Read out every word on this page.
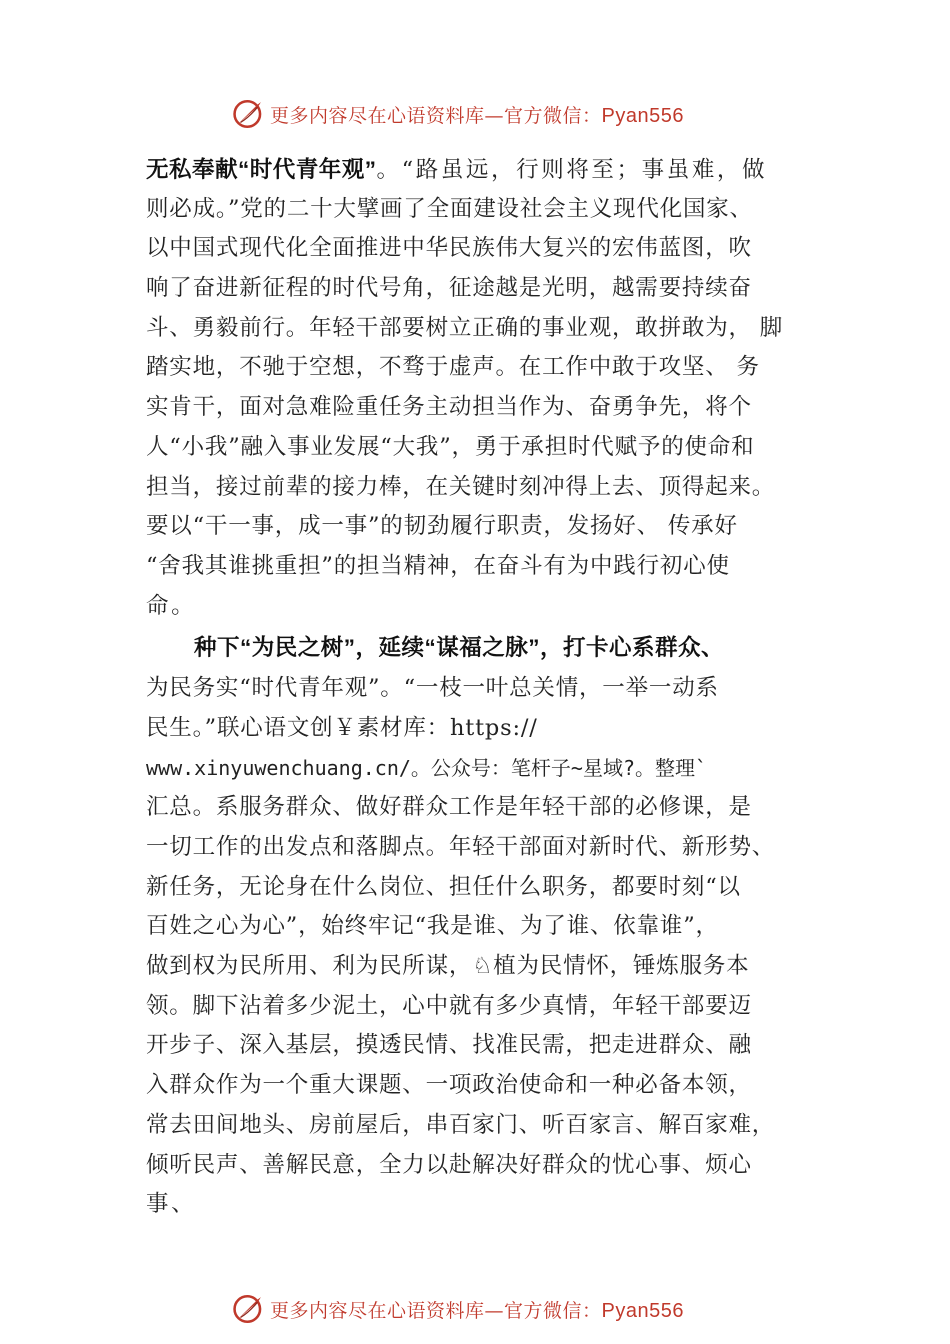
更多内容尽在心语资料库—官方微信：Pyan556
无私奉献“时代青年观”。“路虽远，行则将至；事虽难，做
则必成。”党的二十大擘画了全面建设社会主义现代化国家、
以中国式现代化全面推进中华民族伟大复兴的宏伟蓝图，吹
响了奋进新征程的时代号角，征途越是光明，越需要持续奋
斗、勇毅前行。年轻干部要树立正确的事业观，敢拼敢为， 脚
踏实地，不驰于空想，不骛于虚声。在工作中敢于攻坚、 务
实肯干，面对急难险重任务主动担当作为、奋勇争先，将个
人“小我”融入事业发展“大我”，勇于承担时代赋予的使命和
担当，接过前辈的接力棒，在关键时刻冲得上去、顶得起来。
要以“干一事，成一事”的韧劲履行职责，发扬好、 传承好
“舍我其谁挑重担”的担当精神，在奋斗有为中践行初心使
命。
种下“为民之树”，延续“谋福之脉”，打卡心系群众、
为民务实“时代青年观”。“一枝一叶总关情，一举一动系
民生。”联心语文创￥素材库：https://
www.xinyuwenchuang.cn/。公众号：笔杆子~星域?。整理`
汇总。系服务群众、做好群众工作是年轻干部的必修课，是
一切工作的出发点和落脚点。年轻干部面对新时代、新形势、
新任务，无论身在什么岗位、担任什么职务，都要时刻“以
百姓之心为心”，始终牢记“我是谁、为了谁、依靠谁”，
做到权为民所用、利为民所谋，♘植为民情怀，锤炼服务本
领。脚下沾着多少泥土，心中就有多少真情，年轻干部要迈
开步子、深入基层，摸透民情、找准民需，把走进群众、融
入群众作为一个重大课题、一项政治使命和一种必备本领，
常去田间地头、房前屋后，串百家门、听百家言、解百家难，
倾听民声、善解民意，全力以赴解决好群众的忧心事、烦心
事、
更多内容尽在心语资料库—官方微信：Pyan556
